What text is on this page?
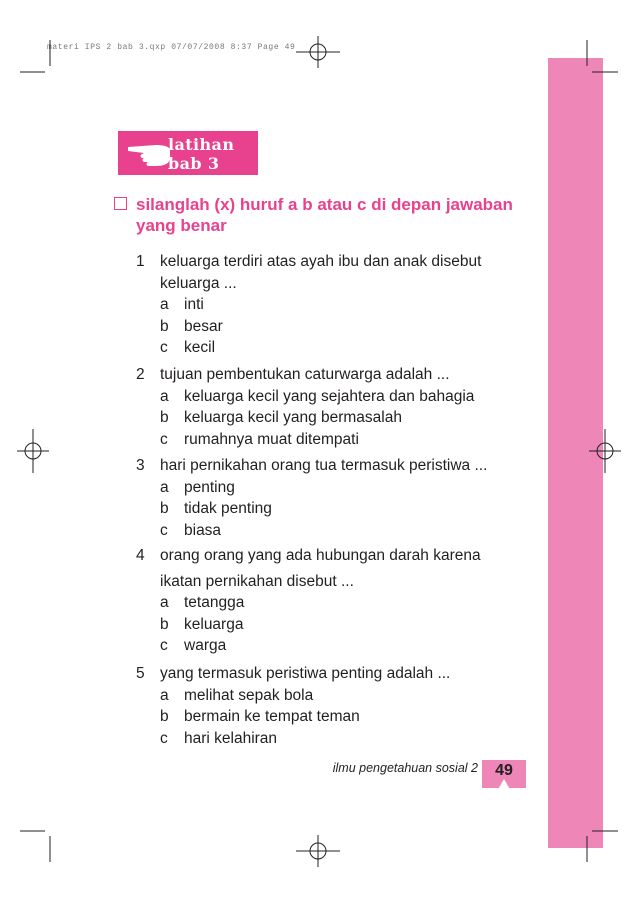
materi IPS 2 bab 3.qxp 07/07/2008 8:37 Page 49
latihan
bab 3
silanglah (x) huruf a b atau c di depan jawaban yang benar
1 keluarga terdiri atas ayah ibu dan anak disebut
keluarga ...
a inti
b besar
c kecil
2 tujuan pembentukan caturwarga adalah ...
a keluarga kecil yang sejahtera dan bahagia
b keluarga kecil yang bermasalah
c rumahnya muat ditempati
3 hari pernikahan orang tua termasuk peristiwa ...
a penting
b tidak penting
c biasa
4 orang orang yang ada hubungan darah karena
ikatan pernikahan disebut ...
a tetangga
b keluarga
c warga
5 yang termasuk peristiwa penting adalah ...
a melihat sepak bola
b bermain ke tempat teman
c hari kelahiran
ilmu pengetahuan sosial 2	49
